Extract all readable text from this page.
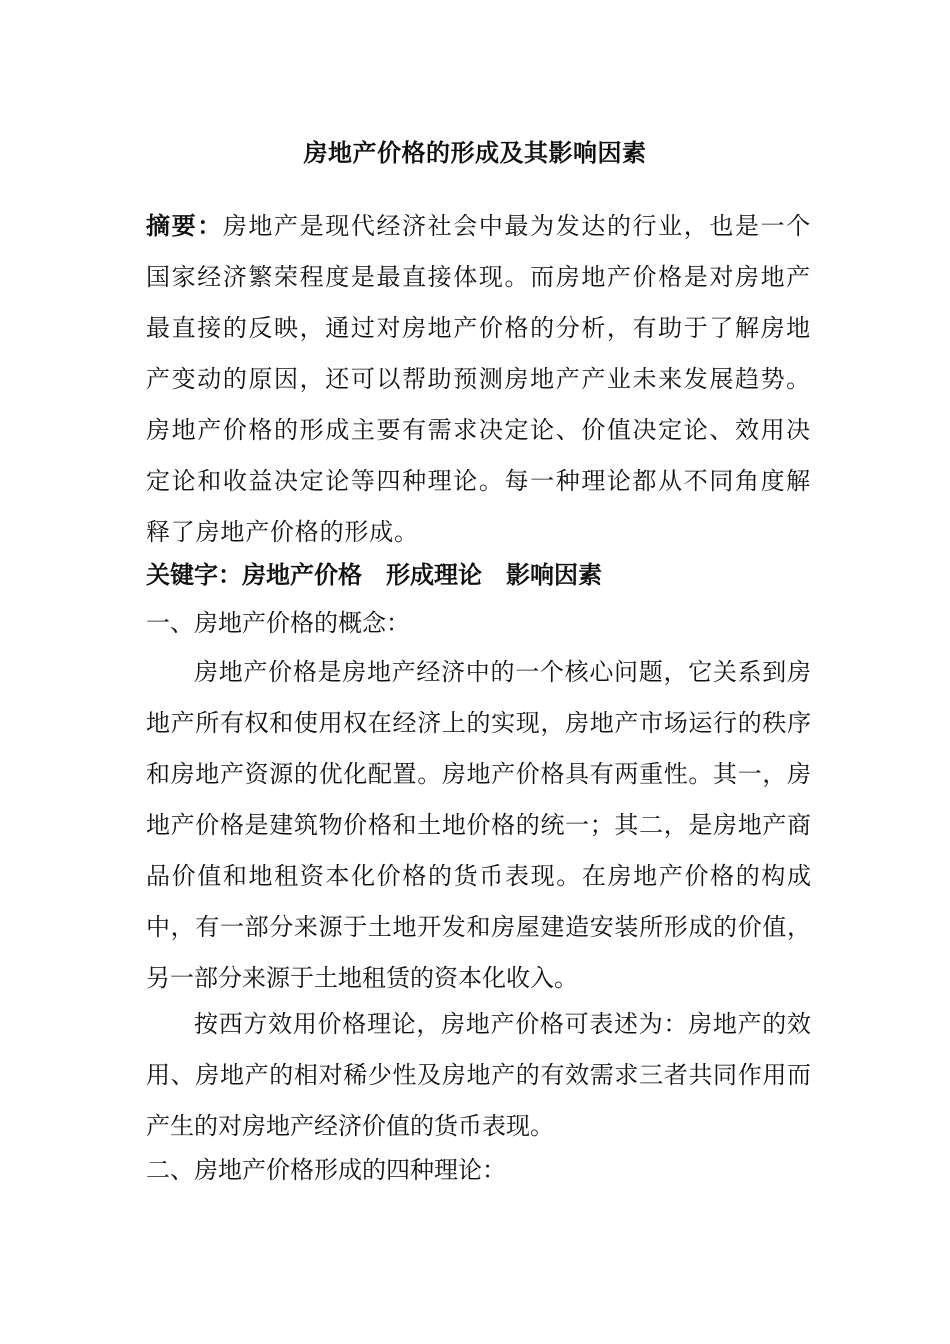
房地产价格的形成及其影响因素
摘要：房地产是现代经济社会中最为发达的行业，也是一个国家经济繁荣程度是最直接体现。而房地产价格是对房地产最直接的反映，通过对房地产价格的分析，有助于了解房地产变动的原因，还可以帮助预测房地产产业未来发展趋势。房地产价格的形成主要有需求决定论、价值决定论、效用决定论和收益决定论等四种理论。每一种理论都从不同角度解释了房地产价格的形成。
关键字：房地产价格 形成理论 影响因素
一、房地产价格的概念：
房地产价格是房地产经济中的一个核心问题，它关系到房地产所有权和使用权在经济上的实现，房地产市场运行的秩序和房地产资源的优化配置。房地产价格具有两重性。其一，房地产价格是建筑物价格和土地价格的统一；其二，是房地产商品价值和地租资本化价格的货币表现。在房地产价格的构成中，有一部分来源于土地开发和房屋建造安装所形成的价值，另一部分来源于土地租赁的资本化收入。
按西方效用价格理论，房地产价格可表述为：房地产的效用、房地产的相对稀少性及房地产的有效需求三者共同作用而产生的对房地产经济价值的货币表现。
二、房地产价格形成的四种理论：
